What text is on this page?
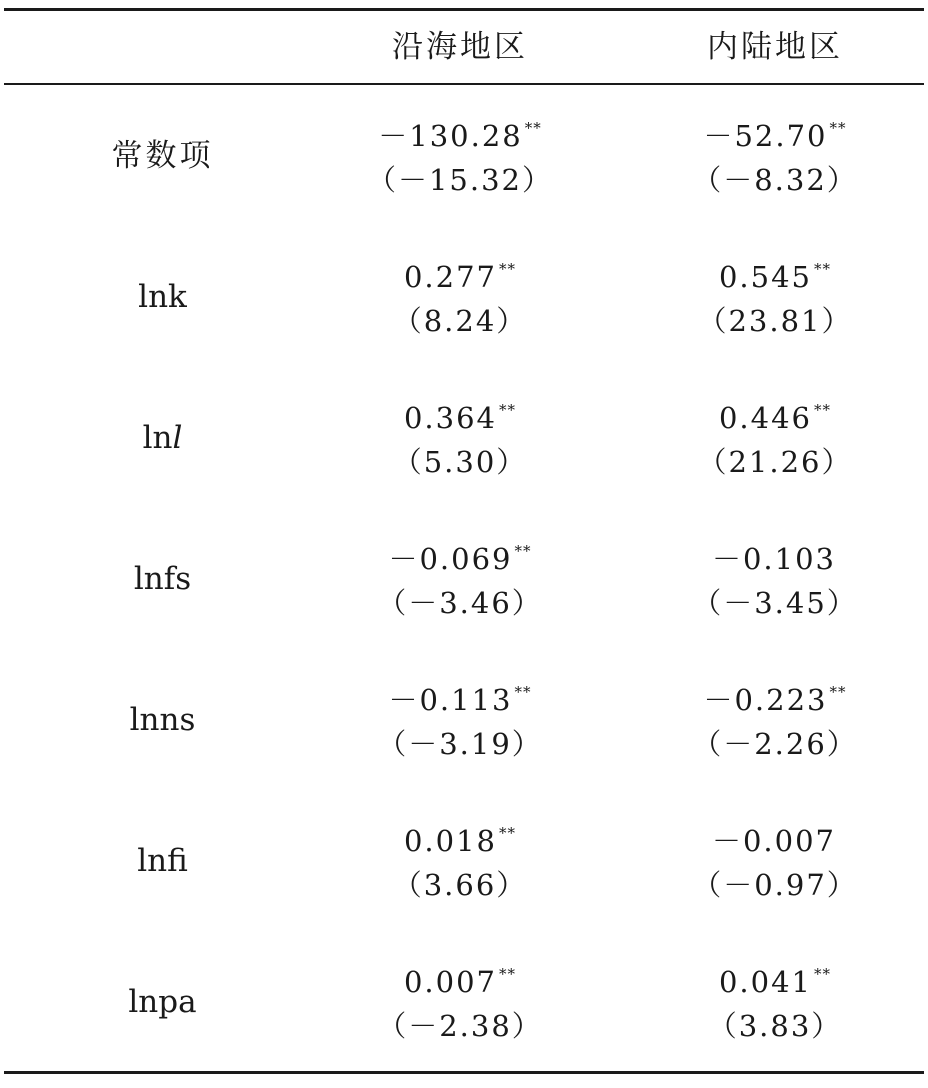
沿海地区	内陆地区
常数项
－130.28 **
（－15.32）
－52.70 **
（－8.32）
lnk
0.277 **
（8.24）
0.545 **
（23.81）
lnl
0.364 **
（5.30）
0.446 **
（21.26）
lnfs
－0.069 **
（－3.46）
－0.103
（－3.45）
lnns
－0.113 **
（－3.19）
－0.223 **
（－2.26）
lnfi
0.018 **
（3.66）
－0.007
（－0.97）
lnpa
0.007 **
（－2.38）
0.041 **
（3.83）
